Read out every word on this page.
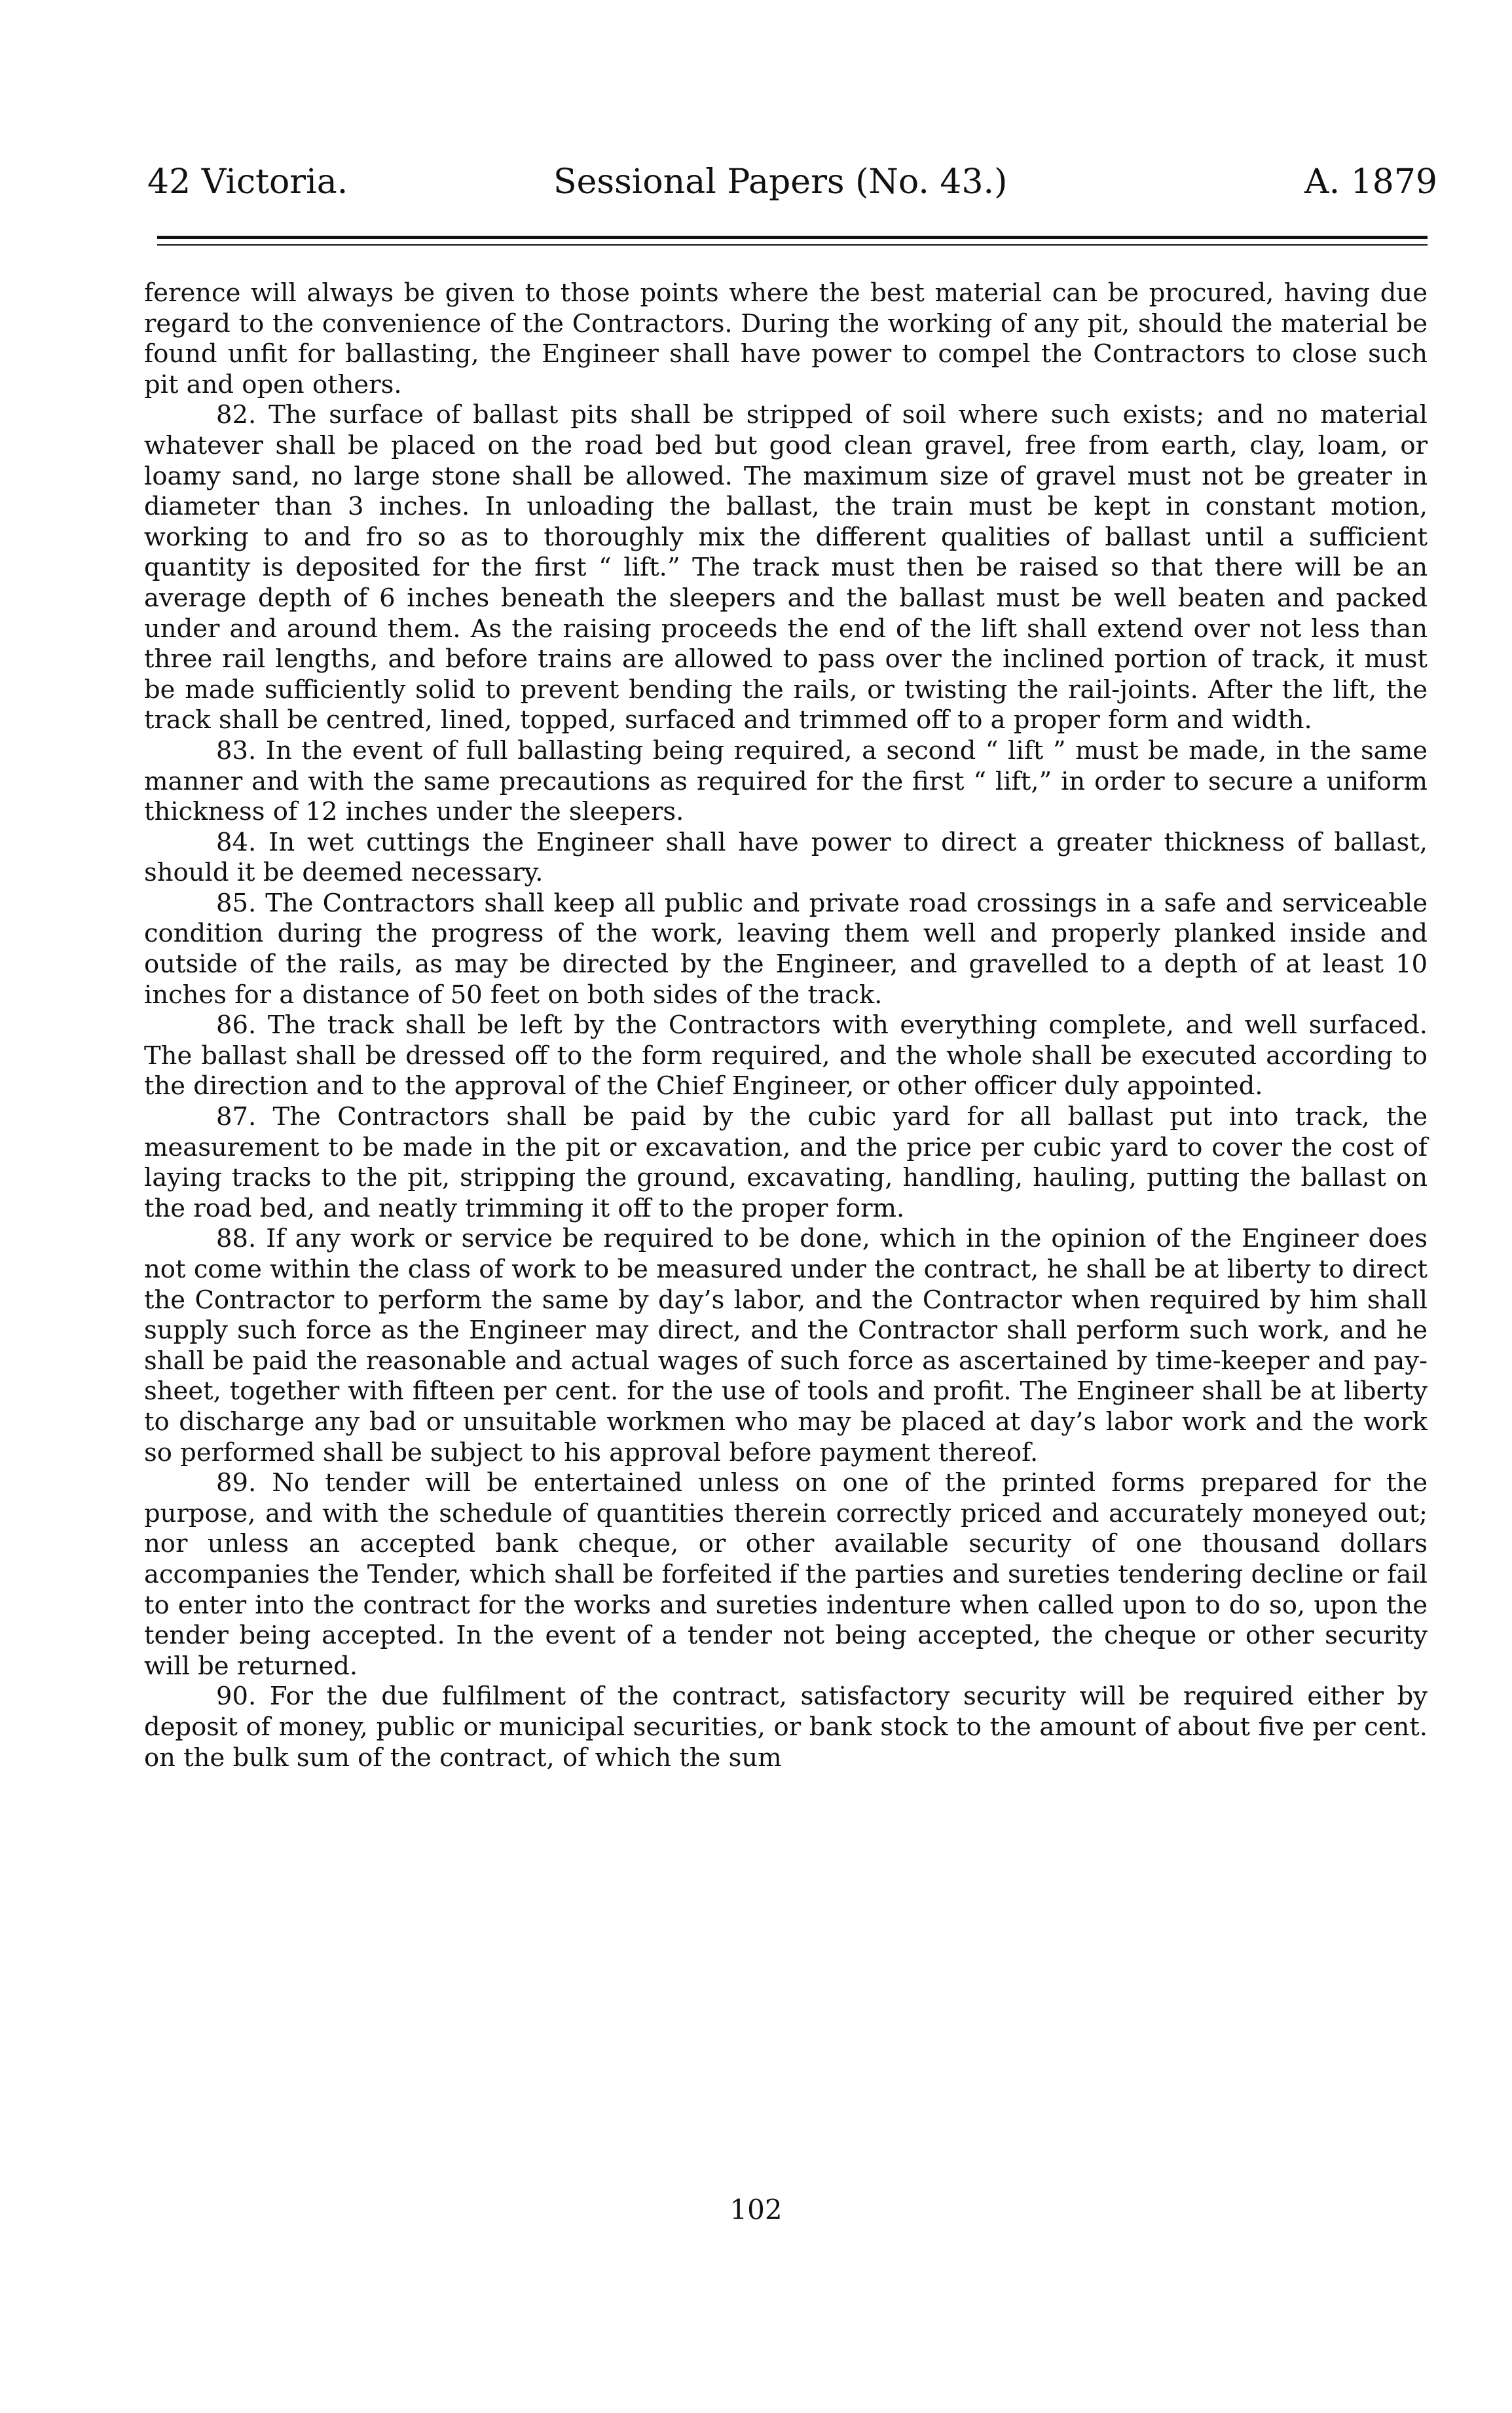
42 Victoria.	Sessional Papers (No. 43.)	A. 1879

ference will always be given to those points where the best material can be procured, having due regard to the convenience of the Contractors. During the working of any pit, should the material be found unfit for ballasting, the Engineer shall have power to compel the Contractors to close such pit and open others.

82. The surface of ballast pits shall be stripped of soil where such exists; and no material whatever shall be placed on the road bed but good clean gravel, free from earth, clay, loam, or loamy sand, no large stone shall be allowed. The maximum size of gravel must not be greater in diameter than 3 inches. In unloading the ballast, the train must be kept in constant motion, working to and fro so as to thoroughly mix the different qualities of ballast until a sufficient quantity is deposited for the first “ lift.” The track must then be raised so that there will be an average depth of 6 inches beneath the sleepers and the ballast must be well beaten and packed under and around them. As the raising proceeds the end of the lift shall extend over not less than three rail lengths, and before trains are allowed to pass over the inclined portion of track, it must be made sufficiently solid to prevent bending the rails, or twisting the rail-joints. After the lift, the track shall be centred, lined, topped, surfaced and trimmed off to a proper form and width.

83. In the event of full ballasting being required, a second “ lift ” must be made, in the same manner and with the same precautions as required for the first “ lift,” in order to secure a uniform thickness of 12 inches under the sleepers.

84. In wet cuttings the Engineer shall have power to direct a greater thickness of ballast, should it be deemed necessary.

85. The Contractors shall keep all public and private road crossings in a safe and serviceable condition during the progress of the work, leaving them well and properly planked inside and outside of the rails, as may be directed by the Engineer, and gravelled to a depth of at least 10 inches for a distance of 50 feet on both sides of the track.

86. The track shall be left by the Contractors with everything complete, and well surfaced. The ballast shall be dressed off to the form required, and the whole shall be executed according to the direction and to the approval of the Chief Engineer, or other officer duly appointed.

87. The Contractors shall be paid by the cubic yard for all ballast put into track, the measurement to be made in the pit or excavation, and the price per cubic yard to cover the cost of laying tracks to the pit, stripping the ground, excavating, handling, hauling, putting the ballast on the road bed, and neatly trimming it off to the proper form.

88. If any work or service be required to be done, which in the opinion of the Engineer does not come within the class of work to be measured under the contract, he shall be at liberty to direct the Contractor to perform the same by day’s labor, and the Contractor when required by him shall supply such force as the Engineer may direct, and the Contractor shall perform such work, and he shall be paid the reasonable and actual wages of such force as ascertained by time-keeper and pay-sheet, together with fifteen per cent. for the use of tools and profit. The Engineer shall be at liberty to discharge any bad or unsuitable workmen who may be placed at day’s labor work and the work so performed shall be subject to his approval before payment thereof.

89. No tender will be entertained unless on one of the printed forms prepared for the purpose, and with the schedule of quantities therein correctly priced and accurately moneyed out; nor unless an accepted bank cheque, or other available security of one thousand dollars accompanies the Tender, which shall be forfeited if the parties and sureties tendering decline or fail to enter into the contract for the works and sureties indenture when called upon to do so, upon the tender being accepted. In the event of a tender not being accepted, the cheque or other security will be returned.

90. For the due fulfilment of the contract, satisfactory security will be required either by deposit of money, public or municipal securities, or bank stock to the amount of about five per cent. on the bulk sum of the contract, of which the sum

102
